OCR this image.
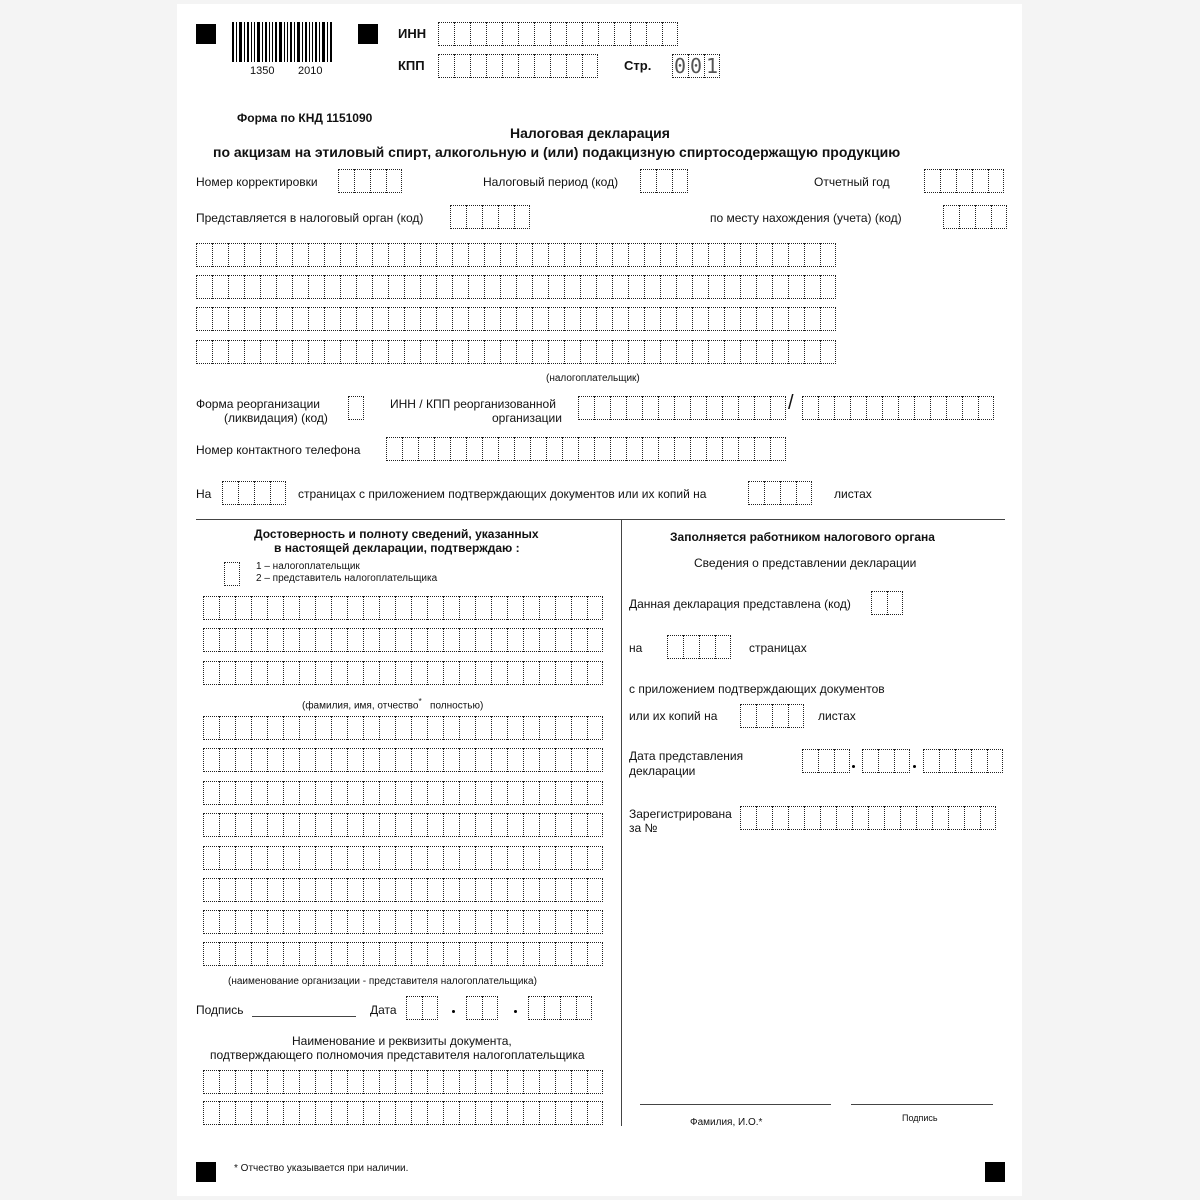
1350 2010
ИНН
КПП	Стр. 0 0 1
Форма по КНД 1151090
Налоговая декларация
по акцизам на этиловый спирт, алкогольную и (или) подакцизную спиртосодержащую продукцию
Номер корректировки	Налоговый период (код)	Отчетный год
Представляется в налоговый орган (код)	по месту нахождения (учета) (код)
(налогоплательщик)
Форма реорганизации
(ликвидация) (код)
ИНН / КПП реорганизованной
организации
/
Номер контактного телефона
На	страницах с приложением подтверждающих документов или их копий на	листах
Достоверность и полноту сведений, указанных
в настоящей декларации, подтверждаю :
1 – налогоплательщик
2 – представитель налогоплательщика
(фамилия, имя, отчество* полностью)
(наименование организации - представителя налогоплательщика)
Подпись	Дата
Наименование и реквизиты документа,
подтверждающего полномочия представителя налогоплательщика
Заполняется работником налогового органа
Сведения о представлении декларации
Данная декларация представлена (код)
на	страницах
с приложением подтверждающих документов
или их копий на	листах
Дата представления
декларации
Зарегистрирована
за №
Фамилия, И.О.*	Подпись
* Отчество указывается при наличии.
